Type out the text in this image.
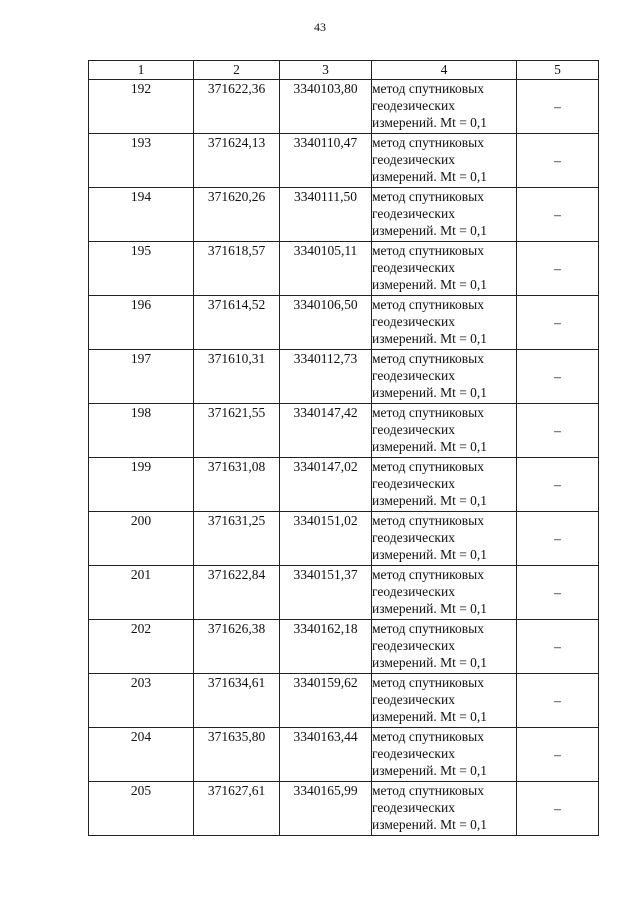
43
1	2	3	4	5
192	371622,36	3340103,80	метод спутниковых
геодезических
измерений. Mt = 0,1	–
193	371624,13	3340110,47	метод спутниковых
геодезических
измерений. Mt = 0,1	–
194	371620,26	3340111,50	метод спутниковых
геодезических
измерений. Mt = 0,1	–
195	371618,57	3340105,11	метод спутниковых
геодезических
измерений. Mt = 0,1	–
196	371614,52	3340106,50	метод спутниковых
геодезических
измерений. Mt = 0,1	–
197	371610,31	3340112,73	метод спутниковых
геодезических
измерений. Mt = 0,1	–
198	371621,55	3340147,42	метод спутниковых
геодезических
измерений. Mt = 0,1	–
199	371631,08	3340147,02	метод спутниковых
геодезических
измерений. Mt = 0,1	–
200	371631,25	3340151,02	метод спутниковых
геодезических
измерений. Mt = 0,1	–
201	371622,84	3340151,37	метод спутниковых
геодезических
измерений. Mt = 0,1	–
202	371626,38	3340162,18	метод спутниковых
геодезических
измерений. Mt = 0,1	–
203	371634,61	3340159,62	метод спутниковых
геодезических
измерений. Mt = 0,1	–
204	371635,80	3340163,44	метод спутниковых
геодезических
измерений. Mt = 0,1	–
205	371627,61	3340165,99	метод спутниковых
геодезических
измерений. Mt = 0,1	–
